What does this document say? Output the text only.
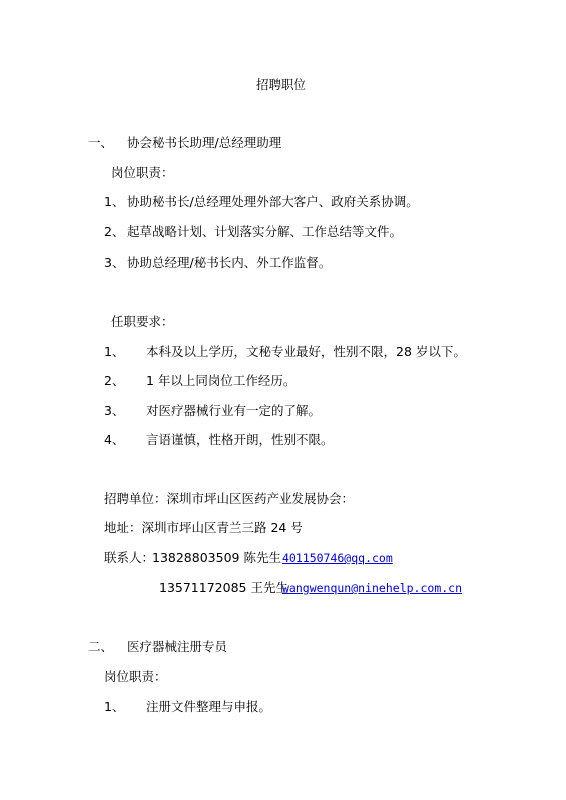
招聘职位
一、 协会秘书长助理/总经理助理
岗位职责：
1、 协助秘书长/总经理处理外部大客户、政府关系协调。
2、 起草战略计划、计划落实分解、工作总结等文件。
3、 协助总经理/秘书长内、外工作监督。
任职要求：
1、 本科及以上学历，文秘专业最好，性别不限，28 岁以下。
2、 1 年以上同岗位工作经历。
3、 对医疗器械行业有一定的了解。
4、 言语谨慎，性格开朗，性别不限。
招聘单位：深圳市坪山区医药产业发展协会：
地址：深圳市坪山区青兰三路 24 号
联系人：
13828803509 陈先生 401150746@qq.com
13571172085 王先生
wangwenqun@ninehelp.com.cn
二、 医疗器械注册专员
岗位职责：
1、 注册文件整理与申报。
